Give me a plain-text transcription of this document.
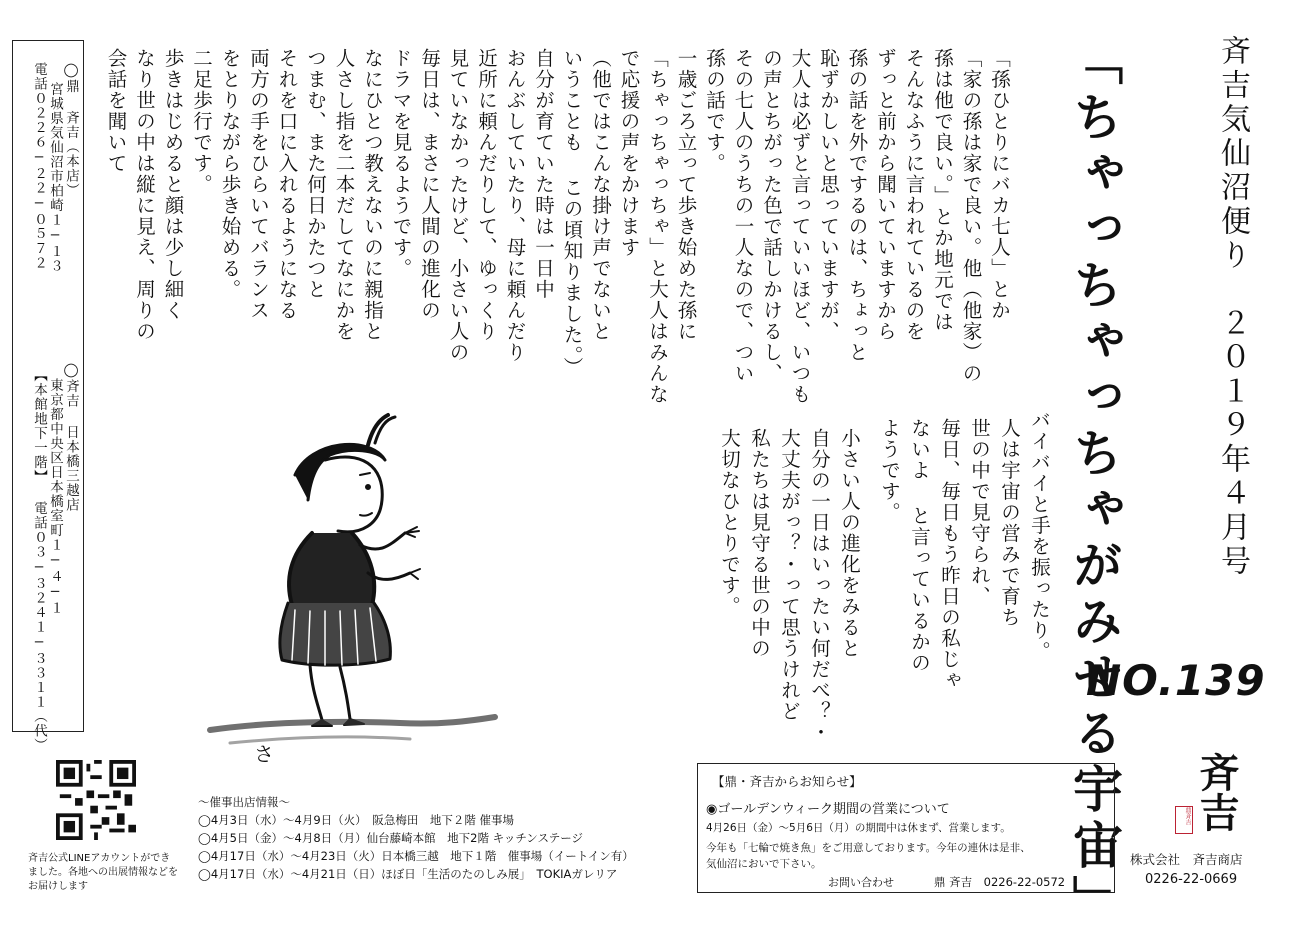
◯鼎 斉吉（本店）
宮城県気仙沼市柏崎１−１３
電話０２２６−２２−０５７２
◯斉吉 日本橋三越店
東京都中央区日本橋室町１−４−１
【本館地下一階】 電話０３−３２４１−３３１１（代）	斉吉気仙沼便り　２０１９年４月号
「ちゃっちゃっちゃがみせる宇宙」
NO.139
「孫ひとりにバカ七人」とか
「家の孫は家で良い。他（他家）の
孫は他で良い。」とか地元では
そんなふうに言われているのを
ずっと前から聞いていますから
孫の話を外でするのは、ちょっと
恥ずかしいと思っていますが、
大人は必ずと言っていいほど、いつも
の声とちがった色で話しかけるし、
その七人のうちの一人なので、つい
孫の話です。
一歳ごろ立って歩き始めた孫に
「ちゃっちゃっちゃ」と大人はみんな
で応援の声をかけます
（他ではこんな掛け声でないと
いうことも この頃知りました。）
自分が育ていた時は一日中
おんぶしていたり、母に頼んだり
近所に頼んだりして、ゆっくり
見ていなかったけど、小さい人の
毎日は、まさに人間の進化の
ドラマを見るようです。
なにひとつ教えないのに親指と
人さし指を二本だしてなにかを
つまむ、また何日かたつと
それを口に入れるようになる
両方の手をひらいてバランス
をとりながら歩き始める。
二足歩行です。
歩きはじめると顔は少し細く
なり世の中は縦に見え、周りの
会話を聞いて
バイバイと手を振ったり。
人は宇宙の営みで育ち
世の中で見守られ、
毎日、毎日もう昨日の私じゃ
ないよ と言っているかの
ようです。
小さい人の進化をみると
自分の一日はいったい何だべ？・
大丈夫がっ？・って思うけれど
私たちは見守る世の中の
大切なひとりです。
さ
斉吉公式LINEアカウントができました。各地への出展情報などをお届けします
〜催事出店情報〜
◯4月3日（水）〜4月9日（火）　阪急梅田　地下２階 催事場
◯4月5日（金）〜4月8日（月）仙台藤崎本館　地下2階 キッチンステージ
◯4月17日（水）〜4月23日（火）日本橋三越　地下１階　催事場（イートイン有）
◯4月17日（水）〜4月21日（日）ほぼ日「生活のたのしみ展」　TOKIAガレリア
【鼎・斉吉からお知らせ】
◉ゴールデンウィーク期間の営業について
4月26日（金）〜5月6日（月）の期間中は休まず、営業します。
今年も「七輪で焼き魚」をご用意しております。今年の連休は是非、
気仙沼においで下さい。
お問い合わせ	鼎 斉吉　0226-22-0572
斉吉
鼎斉吉
株式会社　斉吉商店
0226-22-0669
